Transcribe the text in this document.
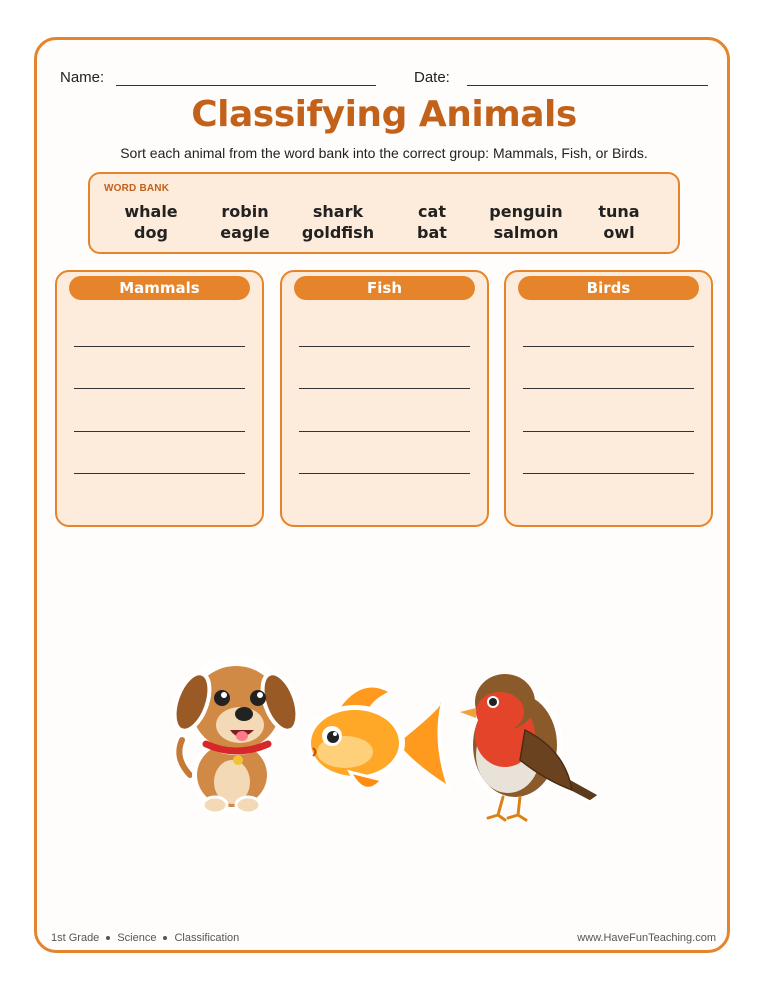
Name:	Date:
Classifying Animals
Sort each animal from the word bank into the correct group: Mammals, Fish, or Birds.
WORD BANK
whale	robin	shark	cat	penguin	tuna
dog	eagle	goldfish	bat	salmon	owl
Mammals	Fish	Birds
1st Grade Science Classification	www.HaveFunTeaching.com
